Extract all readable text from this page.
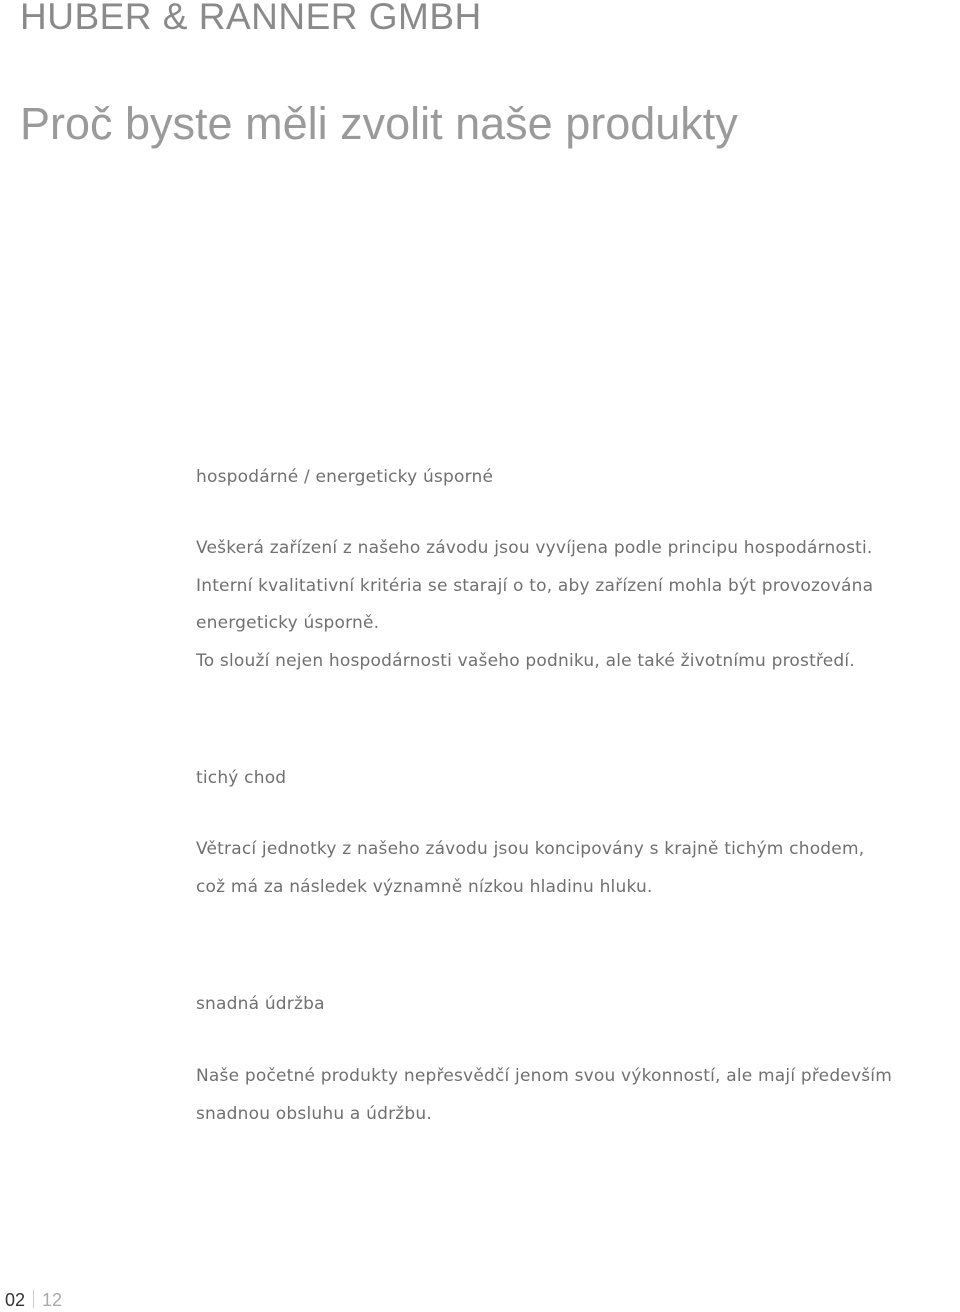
HUBER & RANNER GMBH
Proč byste měli zvolit naše produkty
hospodárné / energeticky úsporné

Veškerá zařízení z našeho závodu jsou vyvíjena podle principu hospodárnosti.
Interní kvalitativní kritéria se starají o to, aby zařízení mohla být provozována
energeticky úsporně.
To slouží nejen hospodárnosti vašeho podniku, ale také životnímu prostředí.

tichý chod

Větrací jednotky z našeho závodu jsou koncipovány s krajně tichým chodem,
což má za následek významně nízkou hladinu hluku.

snadná údržba

Naše početné produkty nepřesvědčí jenom svou výkonností, ale mají především
snadnou obsluhu a údržbu.

02 12
